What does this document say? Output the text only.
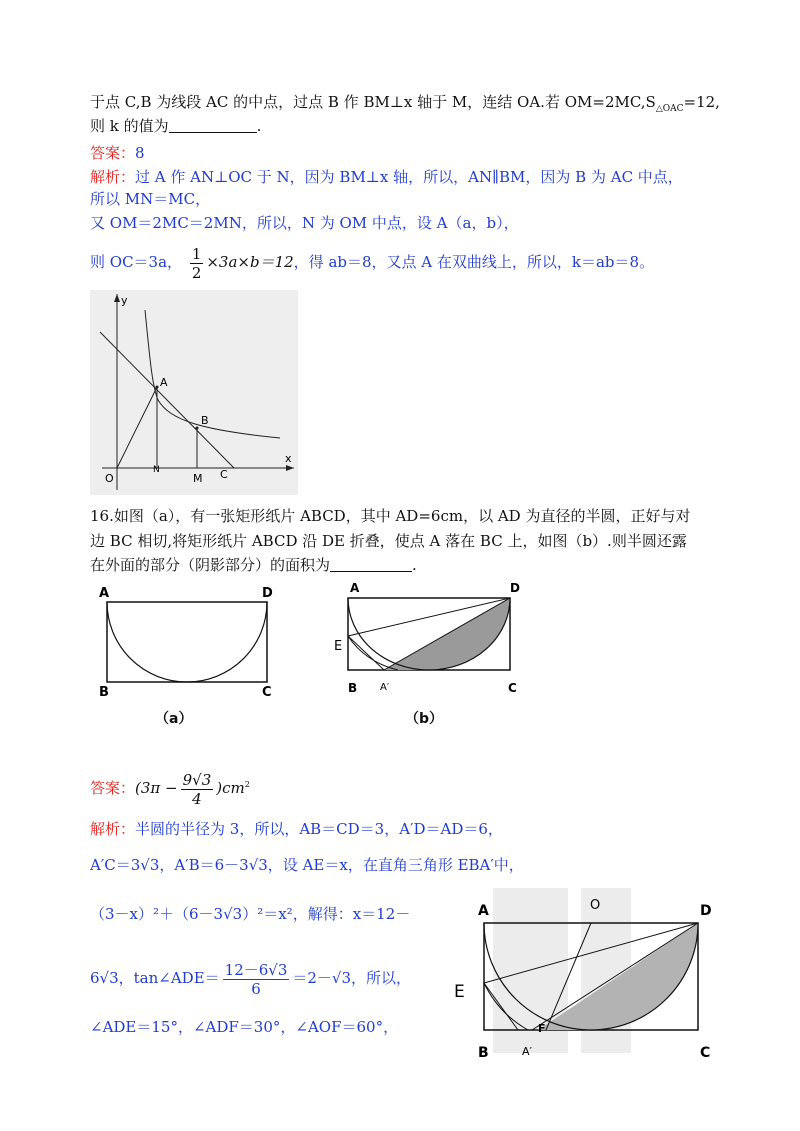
于点 C,B 为线段 AC 的中点，过点 B 作 BM⊥x 轴于 M，连结 OA.若 $OM=2MC,S_{\triangle OAC}=12$,
则 k 的值为	.
答案：8
解析：过 A 作 AN⊥OC 于 N，因为 BM⊥x 轴，所以，AN∥BM，因为 B 为 AC 中点，
所以 MN＝MC，
又 OM＝2MC＝2MN，所以，N 为 OM 中点，设 A（a，b），
则 OC＝3a， $\frac{1}{2} \times 3a\times b=12$，得 ab＝8，又点 A 在双曲线上，所以，k＝ab＝8。
y
x
A
B
O
N
M C
16.如图（a），有一张矩形纸片 ABCD，其中 AD=6cm，以 AD 为直径的半圆，正好与对
边 BC 相切,将矩形纸片 ABCD 沿 DE 折叠，使点 A 落在 BC 上，如图（b）.则半圆还露
在外面的部分（阴影部分）的面积为	.
A	D
B	C
（a）
A	D
E
B A′	C
（b）
答案：$(3\pi - \frac{9√3}{4} )cm^2$
解析：半圆的半径为 3，所以，AB＝CD＝3，A′D＝AD＝6，
A′C＝3√3，A′B＝6－3√3，设 AE＝x，在直角三角形 EBA′中，
（3－x）²＋（6－3√3）²＝x²，解得：x＝12－
6√3，tan∠ADE＝ $\frac{12-6√3}{6} =2-√3$，所以，
∠ADE＝15°，∠ADF＝30°，∠AOF＝60°，
A	O	D
E
F
B	A′	C
